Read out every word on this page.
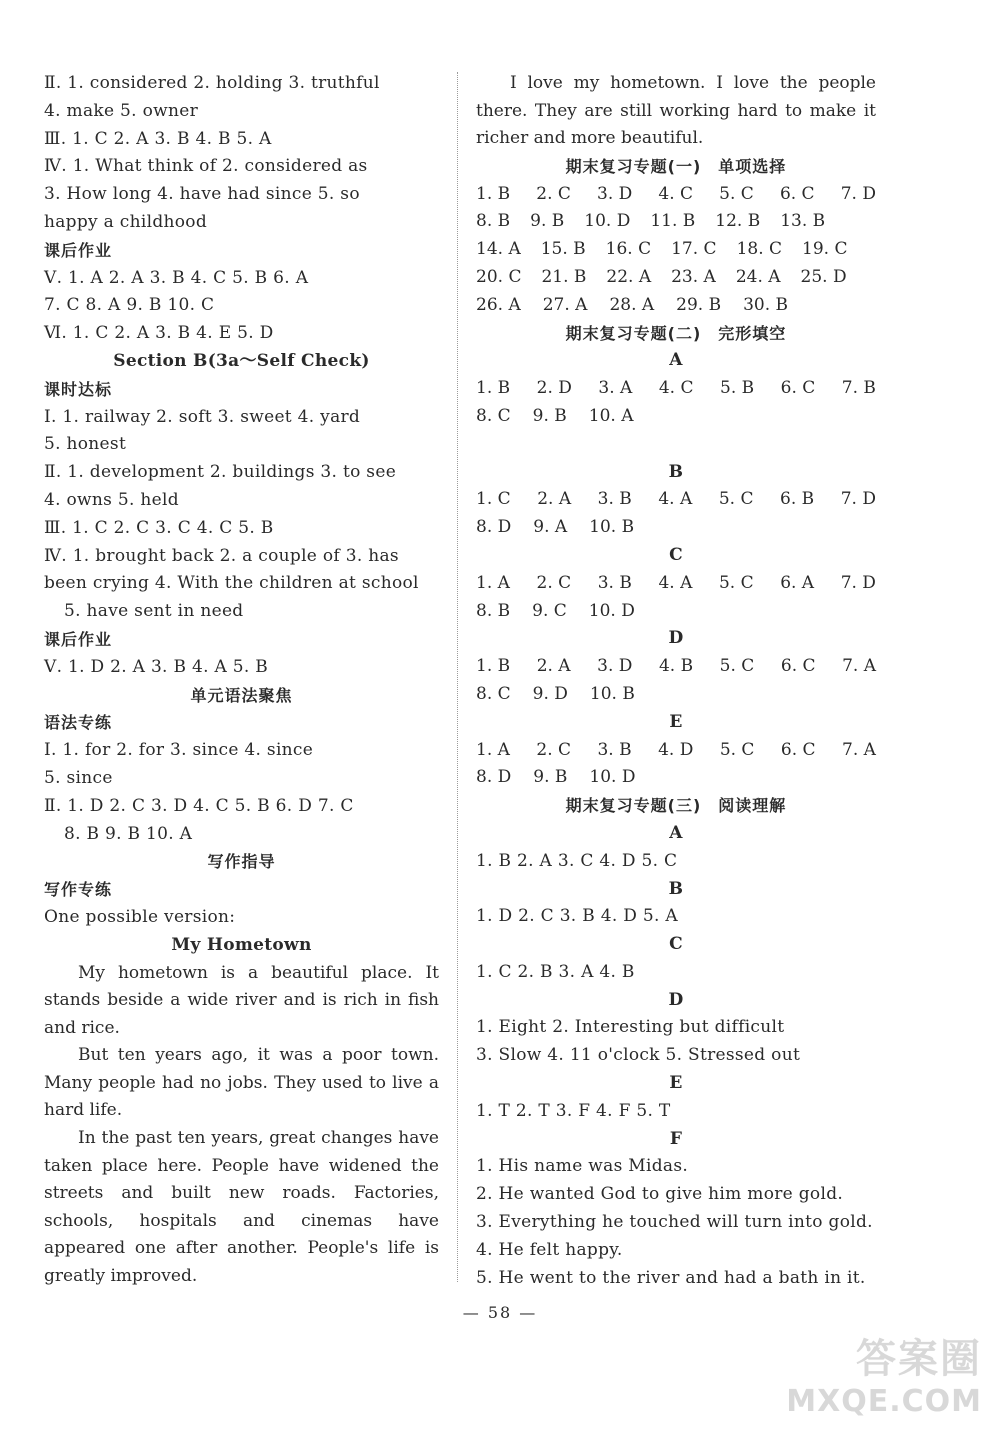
Ⅱ. 1. considered 2. holding 3. truthful
4. make 5. owner
Ⅲ. 1. C 2. A 3. B 4. B 5. A
Ⅳ. 1. What think of 2. considered as
3. How long 4. have had since 5. so
happy a childhood
课后作业
Ⅴ. 1. A 2. A 3. B 4. C 5. B 6. A
7. C 8. A 9. B 10. C
Ⅵ. 1. C 2. A 3. B 4. E 5. D
Section B(3a～Self Check)
课时达标
Ⅰ. 1. railway 2. soft 3. sweet 4. yard
5. honest
Ⅱ. 1. development 2. buildings 3. to see
4. owns 5. held
Ⅲ. 1. C 2. C 3. C 4. C 5. B
Ⅳ. 1. brought back 2. a couple of 3. has
been crying 4. With the children at school
5. have sent in need
课后作业
Ⅴ. 1. D 2. A 3. B 4. A 5. B
单元语法聚焦
语法专练
Ⅰ. 1. for 2. for 3. since 4. since
5. since
Ⅱ. 1. D 2. C 3. D 4. C 5. B 6. D 7. C
8. B 9. B 10. A
写作指导
写作专练
One possible version:
My Hometown

My hometown is a beautiful place. It stands beside a wide river and is rich in fish and rice.

But ten years ago, it was a poor town. Many people had no jobs. They used to live a hard life.

In the past ten years, great changes have taken place here. People have widened the streets and built new roads. Factories, schools, hospitals and cinemas have appeared one after another. People's life is greatly improved.

I love my hometown. I love the people there. They are still working hard to make it richer and more beautiful.

期末复习专题(一)　单项选择
1. B 2. C 3. D 4. C 5. C 6. C 7. D
8. B 9. B 10. D 11. B 12. B 13. B
14. A 15. B 16. C 17. C 18. C 19. C
20. C 21. B 22. A 23. A 24. A 25. D
26. A 27. A 28. A 29. B 30. B
期末复习专题(二)　完形填空
A
1. B 2. D 3. A 4. C 5. B 6. C 7. B
8. C 9. B 10. A
B
1. C 2. A 3. B 4. A 5. C 6. B 7. D
8. D 9. A 10. B
C
1. A 2. C 3. B 4. A 5. C 6. A 7. D
8. B 9. C 10. D
D
1. B 2. A 3. D 4. B 5. C 6. C 7. A
8. C 9. D 10. B
E
1. A 2. C 3. B 4. D 5. C 6. C 7. A
8. D 9. B 10. D
期末复习专题(三)　阅读理解
A
1. B 2. A 3. C 4. D 5. C
B
1. D 2. C 3. B 4. D 5. A
C
1. C 2. B 3. A 4. B
D
1. Eight 2. Interesting but difficult
3. Slow 4. 11 o'clock 5. Stressed out
E
1. T 2. T 3. F 4. F 5. T
F
1. His name was Midas.
2. He wanted God to give him more gold.
3. Everything he touched will turn into gold.
4. He felt happy.
5. He went to the river and had a bath in it.
— 58 —
答案圈
MXQE.COM
